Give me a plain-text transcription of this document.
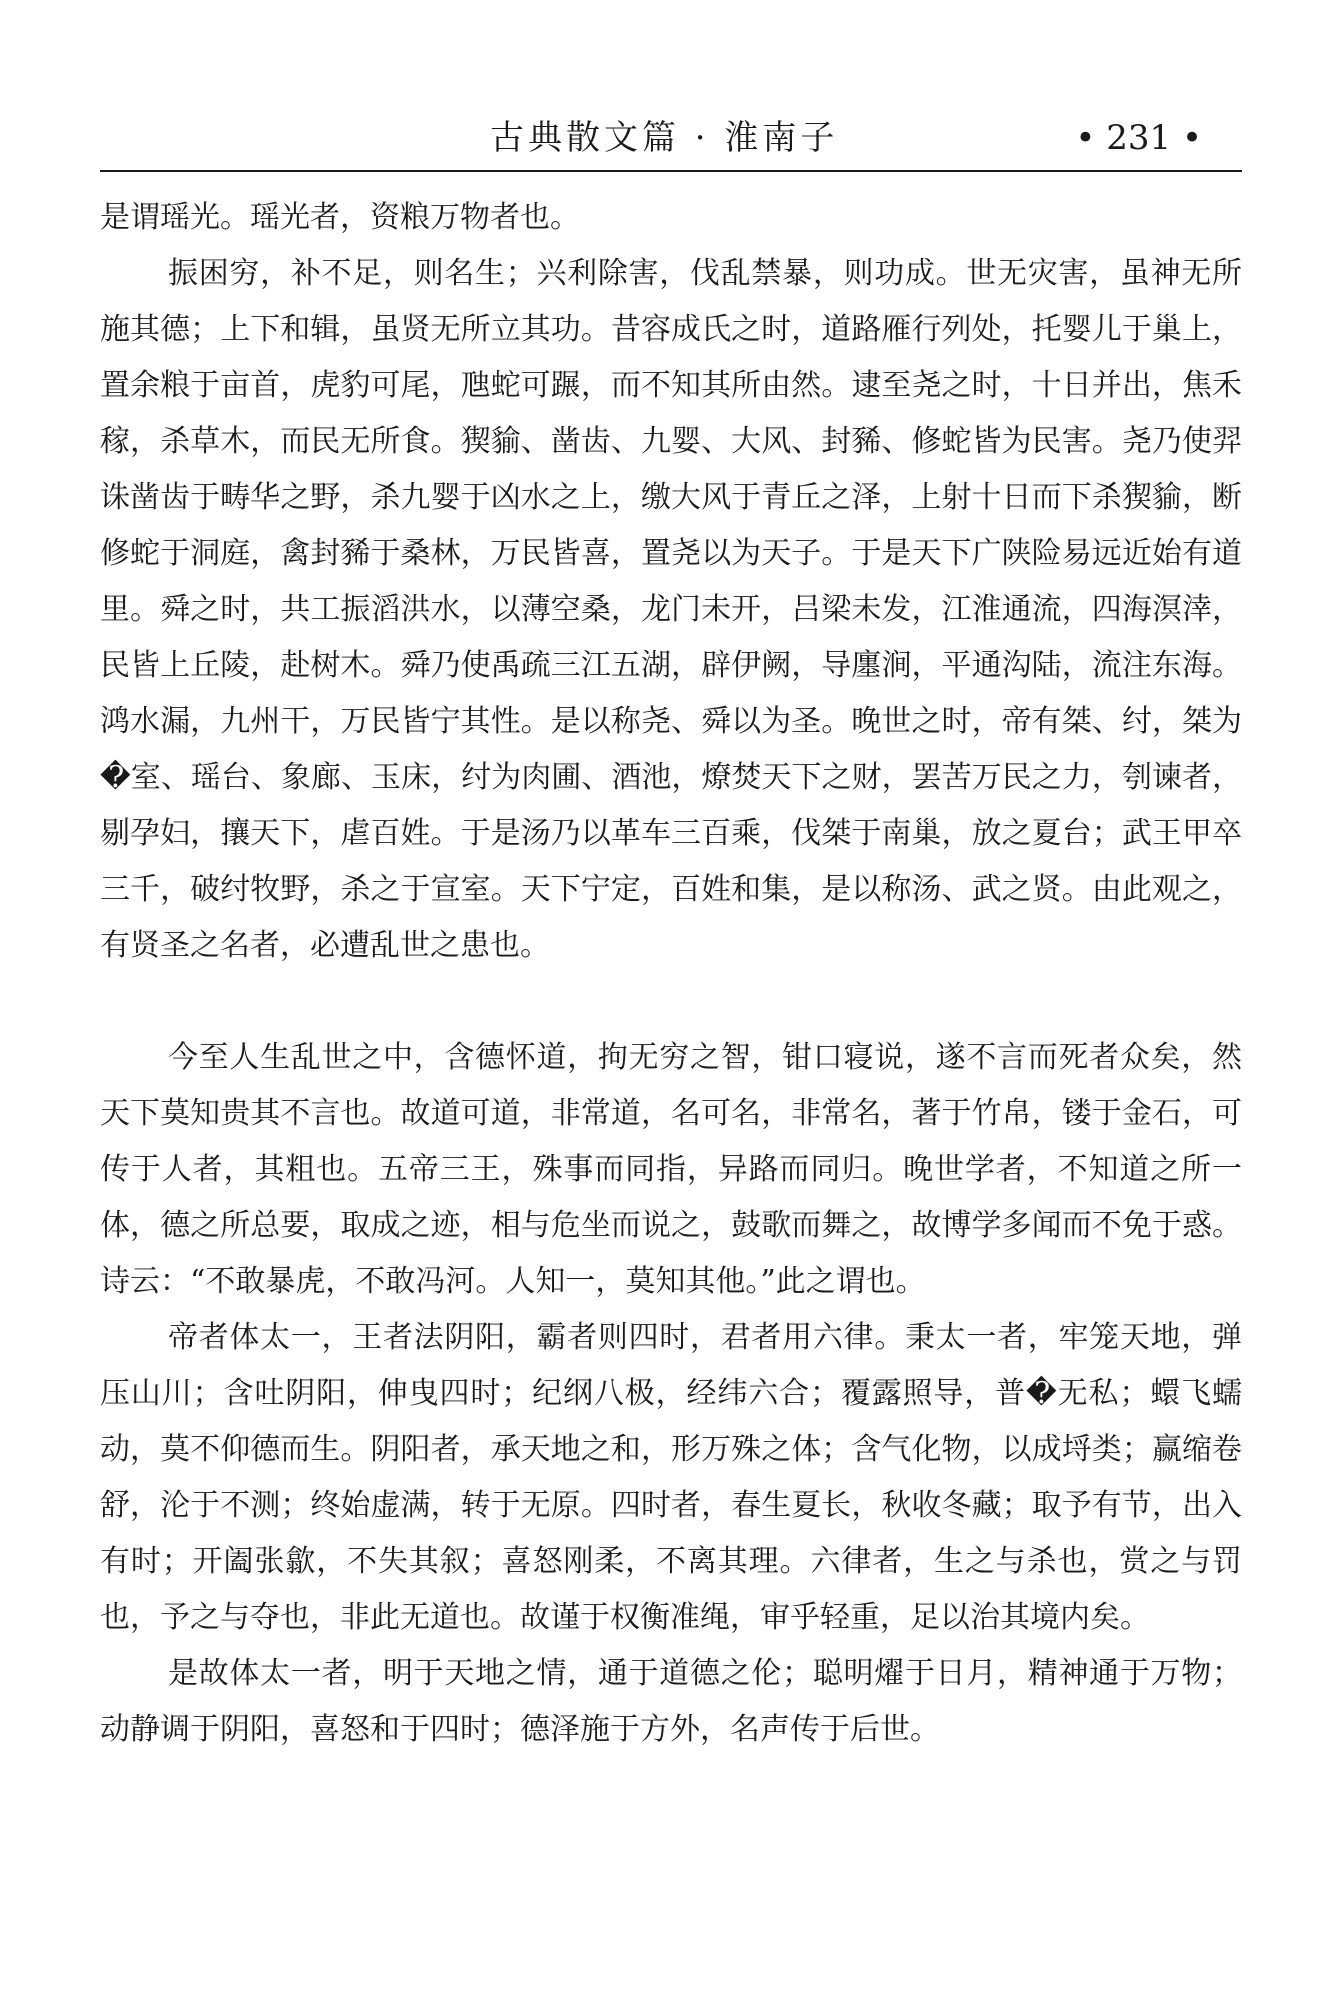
古典散文篇 · 淮南子	• 231 •

是谓瑶光。瑶光者，资粮万物者也。

振困穷，补不足，则名生；兴利除害，伐乱禁暴，则功成。世无灾害，虽神无所施其德；上下和辑，虽贤无所立其功。昔容成氏之时，道路雁行列处，托婴儿于巢上，置余粮于亩首，虎豹可尾，虺蛇可蹍，而不知其所由然。逮至尧之时，十日并出，焦禾稼，杀草木，而民无所食。猰貐、凿齿、九婴、大风、封豨、修蛇皆为民害。尧乃使羿诛凿齿于畴华之野，杀九婴于凶水之上，缴大风于青丘之泽，上射十日而下杀猰貐，断修蛇于洞庭，禽封豨于桑林，万民皆喜，置尧以为天子。于是天下广陕险易远近始有道里。舜之时，共工振滔洪水，以薄空桑，龙门未开，吕梁未发，江淮通流，四海溟涬，民皆上丘陵，赴树木。舜乃使禹疏三江五湖，辟伊阙，导廛涧，平通沟陆，流注东海。鸿水漏，九州干，万民皆宁其性。是以称尧、舜以为圣。晚世之时，帝有桀、纣，桀为�室、瑶台、象廊、玉床，纣为肉圃、酒池，燎焚天下之财，罢苦万民之力，刳谏者，剔孕妇，攘天下，虐百姓。于是汤乃以革车三百乘，伐桀于南巢，放之夏台；武王甲卒三千，破纣牧野，杀之于宣室。天下宁定，百姓和集，是以称汤、武之贤。由此观之，有贤圣之名者，必遭乱世之患也。

今至人生乱世之中，含德怀道，拘无穷之智，钳口寝说，遂不言而死者众矣，然天下莫知贵其不言也。故道可道，非常道，名可名，非常名，著于竹帛，镂于金石，可传于人者，其粗也。五帝三王，殊事而同指，异路而同归。晚世学者，不知道之所一体，德之所总要，取成之迹，相与危坐而说之，鼓歌而舞之，故博学多闻而不免于惑。诗云：“不敢暴虎，不敢冯河。人知一，莫知其他。”此之谓也。

帝者体太一，王者法阴阳，霸者则四时，君者用六律。秉太一者，牢笼天地，弹压山川；含吐阴阳，伸曳四时；纪纲八极，经纬六合；覆露照导，普�无私；蠉飞蠕动，莫不仰德而生。阴阳者，承天地之和，形万殊之体；含气化物，以成埒类；赢缩卷舒，沦于不测；终始虚满，转于无原。四时者，春生夏长，秋收冬藏；取予有节，出入有时；开阖张歙，不失其叙；喜怒刚柔，不离其理。六律者，生之与杀也，赏之与罚也，予之与夺也，非此无道也。故谨于权衡准绳，审乎轻重，足以治其境内矣。

是故体太一者，明于天地之情，通于道德之伦；聪明燿于日月，精神通于万物；动静调于阴阳，喜怒和于四时；德泽施于方外，名声传于后世。
